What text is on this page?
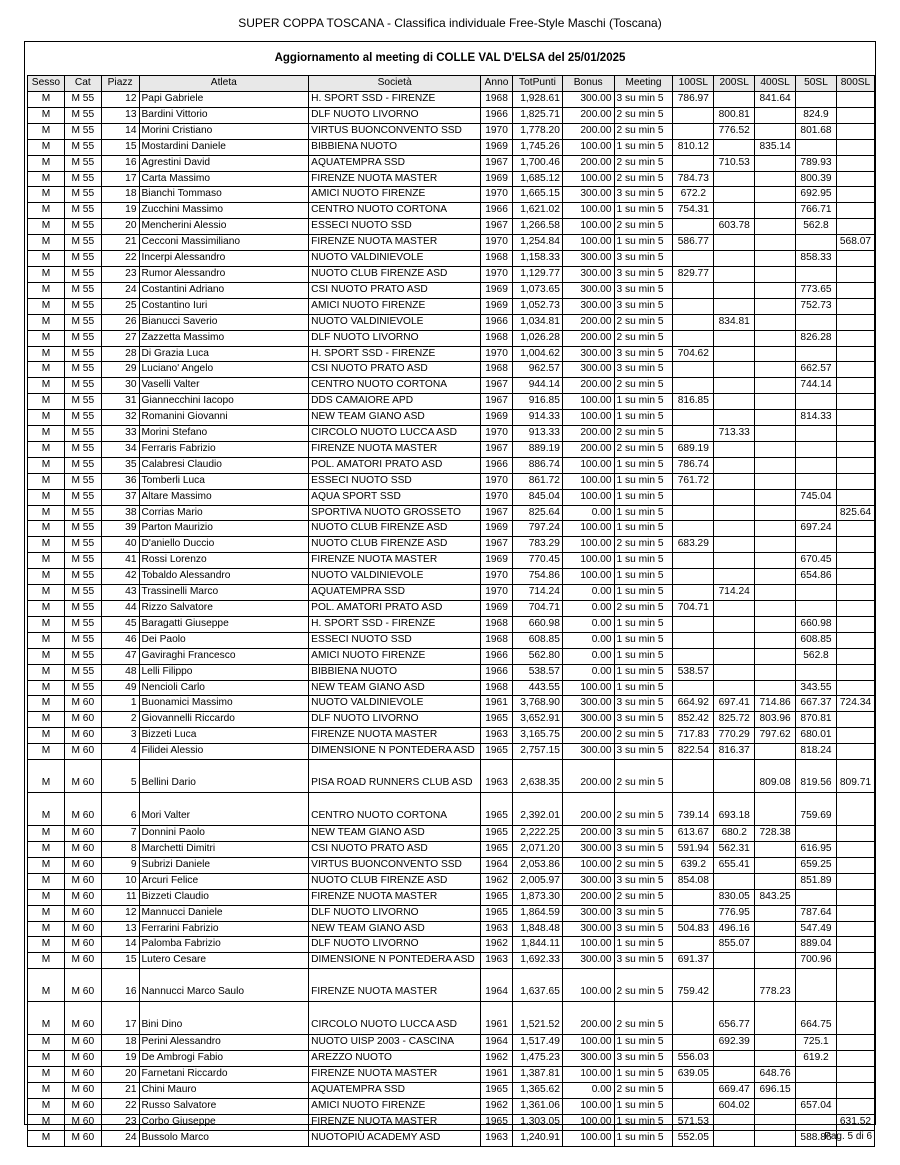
SUPER COPPA TOSCANA - Classifica individuale Free-Style Maschi (Toscana)
Aggiornamento al meeting di COLLE VAL D'ELSA del 25/01/2025
Sesso	Cat	Piazz	Atleta	Società	Anno	TotPunti	Bonus	Meeting	100SL	200SL	400SL	50SL	800SL
M	M 55	12	Papi Gabriele	H. SPORT SSD - FIRENZE	1968	1,928.61	300.00	3 su min 5	786.97		841.64		
M	M 55	13	Bardini Vittorio	DLF NUOTO LIVORNO	1966	1,825.71	200.00	2 su min 5		800.81		824.9	
M	M 55	14	Morini Cristiano	VIRTUS BUONCONVENTO SSD	1970	1,778.20	200.00	2 su min 5		776.52		801.68	
M	M 55	15	Mostardini Daniele	BIBBIENA NUOTO	1969	1,745.26	100.00	1 su min 5	810.12		835.14		
M	M 55	16	Agrestini David	AQUATEMPRA SSD	1967	1,700.46	200.00	2 su min 5		710.53		789.93	
M	M 55	17	Carta Massimo	FIRENZE NUOTA MASTER	1969	1,685.12	100.00	2 su min 5	784.73			800.39	
M	M 55	18	Bianchi Tommaso	AMICI NUOTO FIRENZE	1970	1,665.15	300.00	3 su min 5	672.2			692.95	
M	M 55	19	Zucchini Massimo	CENTRO NUOTO CORTONA	1966	1,621.02	100.00	1 su min 5	754.31			766.71	
M	M 55	20	Mencherini Alessio	ESSECI NUOTO SSD	1967	1,266.58	100.00	2 su min 5		603.78		562.8	
M	M 55	21	Cecconi Massimiliano	FIRENZE NUOTA MASTER	1970	1,254.84	100.00	1 su min 5	586.77				568.07
M	M 55	22	Incerpi Alessandro	NUOTO VALDINIEVOLE	1968	1,158.33	300.00	3 su min 5				858.33	
M	M 55	23	Rumor Alessandro	NUOTO CLUB FIRENZE ASD	1970	1,129.77	300.00	3 su min 5	829.77				
M	M 55	24	Costantini Adriano	CSI NUOTO PRATO ASD	1969	1,073.65	300.00	3 su min 5				773.65	
M	M 55	25	Costantino Iuri	AMICI NUOTO FIRENZE	1969	1,052.73	300.00	3 su min 5				752.73	
M	M 55	26	Bianucci Saverio	NUOTO VALDINIEVOLE	1966	1,034.81	200.00	2 su min 5		834.81			
M	M 55	27	Zazzetta Massimo	DLF NUOTO LIVORNO	1968	1,026.28	200.00	2 su min 5				826.28	
M	M 55	28	Di Grazia Luca	H. SPORT SSD - FIRENZE	1970	1,004.62	300.00	3 su min 5	704.62				
M	M 55	29	Luciano' Angelo	CSI NUOTO PRATO ASD	1968	962.57	300.00	3 su min 5				662.57	
M	M 55	30	Vaselli Valter	CENTRO NUOTO CORTONA	1967	944.14	200.00	2 su min 5				744.14	
M	M 55	31	Giannecchini Iacopo	DDS CAMAIORE APD	1967	916.85	100.00	1 su min 5	816.85				
M	M 55	32	Romanini Giovanni	NEW TEAM GIANO ASD	1969	914.33	100.00	1 su min 5				814.33	
M	M 55	33	Morini Stefano	CIRCOLO NUOTO LUCCA ASD	1970	913.33	200.00	2 su min 5		713.33			
M	M 55	34	Ferraris Fabrizio	FIRENZE NUOTA MASTER	1967	889.19	200.00	2 su min 5	689.19				
M	M 55	35	Calabresi Claudio	POL. AMATORI PRATO ASD	1966	886.74	100.00	1 su min 5	786.74				
M	M 55	36	Tomberli Luca	ESSECI NUOTO SSD	1970	861.72	100.00	1 su min 5	761.72				
M	M 55	37	Altare Massimo	AQUA SPORT SSD	1970	845.04	100.00	1 su min 5				745.04	
M	M 55	38	Corrias Mario	SPORTIVA NUOTO GROSSETO	1967	825.64	0.00	1 su min 5					825.64
M	M 55	39	Parton Maurizio	NUOTO CLUB FIRENZE ASD	1969	797.24	100.00	1 su min 5				697.24	
M	M 55	40	D'aniello Duccio	NUOTO CLUB FIRENZE ASD	1967	783.29	100.00	2 su min 5	683.29				
M	M 55	41	Rossi Lorenzo	FIRENZE NUOTA MASTER	1969	770.45	100.00	1 su min 5				670.45	
M	M 55	42	Tobaldo Alessandro	NUOTO VALDINIEVOLE	1970	754.86	100.00	1 su min 5				654.86	
M	M 55	43	Trassinelli Marco	AQUATEMPRA SSD	1970	714.24	0.00	1 su min 5		714.24			
M	M 55	44	Rizzo Salvatore	POL. AMATORI PRATO ASD	1969	704.71	0.00	2 su min 5	704.71				
M	M 55	45	Baragatti Giuseppe	H. SPORT SSD - FIRENZE	1968	660.98	0.00	1 su min 5				660.98	
M	M 55	46	Dei Paolo	ESSECI NUOTO SSD	1968	608.85	0.00	1 su min 5				608.85	
M	M 55	47	Gaviraghi Francesco	AMICI NUOTO FIRENZE	1966	562.80	0.00	1 su min 5				562.8	
M	M 55	48	Lelli Filippo	BIBBIENA NUOTO	1966	538.57	0.00	1 su min 5	538.57				
M	M 55	49	Nencioli Carlo	NEW TEAM GIANO ASD	1968	443.55	100.00	1 su min 5				343.55	
M	M 60	1	Buonamici Massimo	NUOTO VALDINIEVOLE	1961	3,768.90	300.00	3 su min 5	664.92	697.41	714.86	667.37	724.34
M	M 60	2	Giovannelli Riccardo	DLF NUOTO LIVORNO	1965	3,652.91	300.00	3 su min 5	852.42	825.72	803.96	870.81	
M	M 60	3	Bizzeti Luca	FIRENZE NUOTA MASTER	1963	3,165.75	200.00	2 su min 5	717.83	770.29	797.62	680.01	
M	M 60	4	Filidei Alessio	DIMENSIONE N PONTEDERA ASD	1965	2,757.15	300.00	3 su min 5	822.54	816.37		818.24	
M	M 60	5	Bellini Dario	PISA ROAD RUNNERS CLUB ASD	1963	2,638.35	200.00	2 su min 5			809.08	819.56	809.71
M	M 60	6	Mori Valter	CENTRO NUOTO CORTONA	1965	2,392.01	200.00	2 su min 5	739.14	693.18		759.69	
M	M 60	7	Donnini Paolo	NEW TEAM GIANO ASD	1965	2,222.25	200.00	3 su min 5	613.67	680.2	728.38		
M	M 60	8	Marchetti Dimitri	CSI NUOTO PRATO ASD	1965	2,071.20	300.00	3 su min 5	591.94	562.31		616.95	
M	M 60	9	Subrizi Daniele	VIRTUS BUONCONVENTO SSD	1964	2,053.86	100.00	2 su min 5	639.2	655.41		659.25	
M	M 60	10	Arcuri Felice	NUOTO CLUB FIRENZE ASD	1962	2,005.97	300.00	3 su min 5	854.08			851.89	
M	M 60	11	Bizzeti Claudio	FIRENZE NUOTA MASTER	1965	1,873.30	200.00	2 su min 5		830.05	843.25		
M	M 60	12	Mannucci Daniele	DLF NUOTO LIVORNO	1965	1,864.59	300.00	3 su min 5		776.95		787.64	
M	M 60	13	Ferrarini Fabrizio	NEW TEAM GIANO ASD	1963	1,848.48	300.00	3 su min 5	504.83	496.16		547.49	
M	M 60	14	Palomba Fabrizio	DLF NUOTO LIVORNO	1962	1,844.11	100.00	1 su min 5		855.07		889.04	
M	M 60	15	Lutero Cesare	DIMENSIONE N PONTEDERA ASD	1963	1,692.33	300.00	3 su min 5	691.37			700.96	
M	M 60	16	Nannucci Marco Saulo	FIRENZE NUOTA MASTER	1964	1,637.65	100.00	2 su min 5	759.42		778.23		
M	M 60	17	Bini Dino	CIRCOLO NUOTO LUCCA ASD	1961	1,521.52	200.00	2 su min 5		656.77		664.75	
M	M 60	18	Perini Alessandro	NUOTO UISP 2003 - CASCINA	1964	1,517.49	100.00	1 su min 5		692.39		725.1	
M	M 60	19	De Ambrogi Fabio	AREZZO NUOTO	1962	1,475.23	300.00	3 su min 5	556.03			619.2	
M	M 60	20	Farnetani Riccardo	FIRENZE NUOTA MASTER	1961	1,387.81	100.00	1 su min 5	639.05		648.76		
M	M 60	21	Chini Mauro	AQUATEMPRA SSD	1965	1,365.62	0.00	2 su min 5		669.47	696.15		
M	M 60	22	Russo Salvatore	AMICI NUOTO FIRENZE	1962	1,361.06	100.00	1 su min 5		604.02		657.04	
M	M 60	23	Corbo Giuseppe	FIRENZE NUOTA MASTER	1965	1,303.05	100.00	1 su min 5	571.53				631.52
M	M 60	24	Bussolo Marco	NUOTOPIÙ ACADEMY ASD	1963	1,240.91	100.00	1 su min 5	552.05			588.86	
Pag. 5 di 6
